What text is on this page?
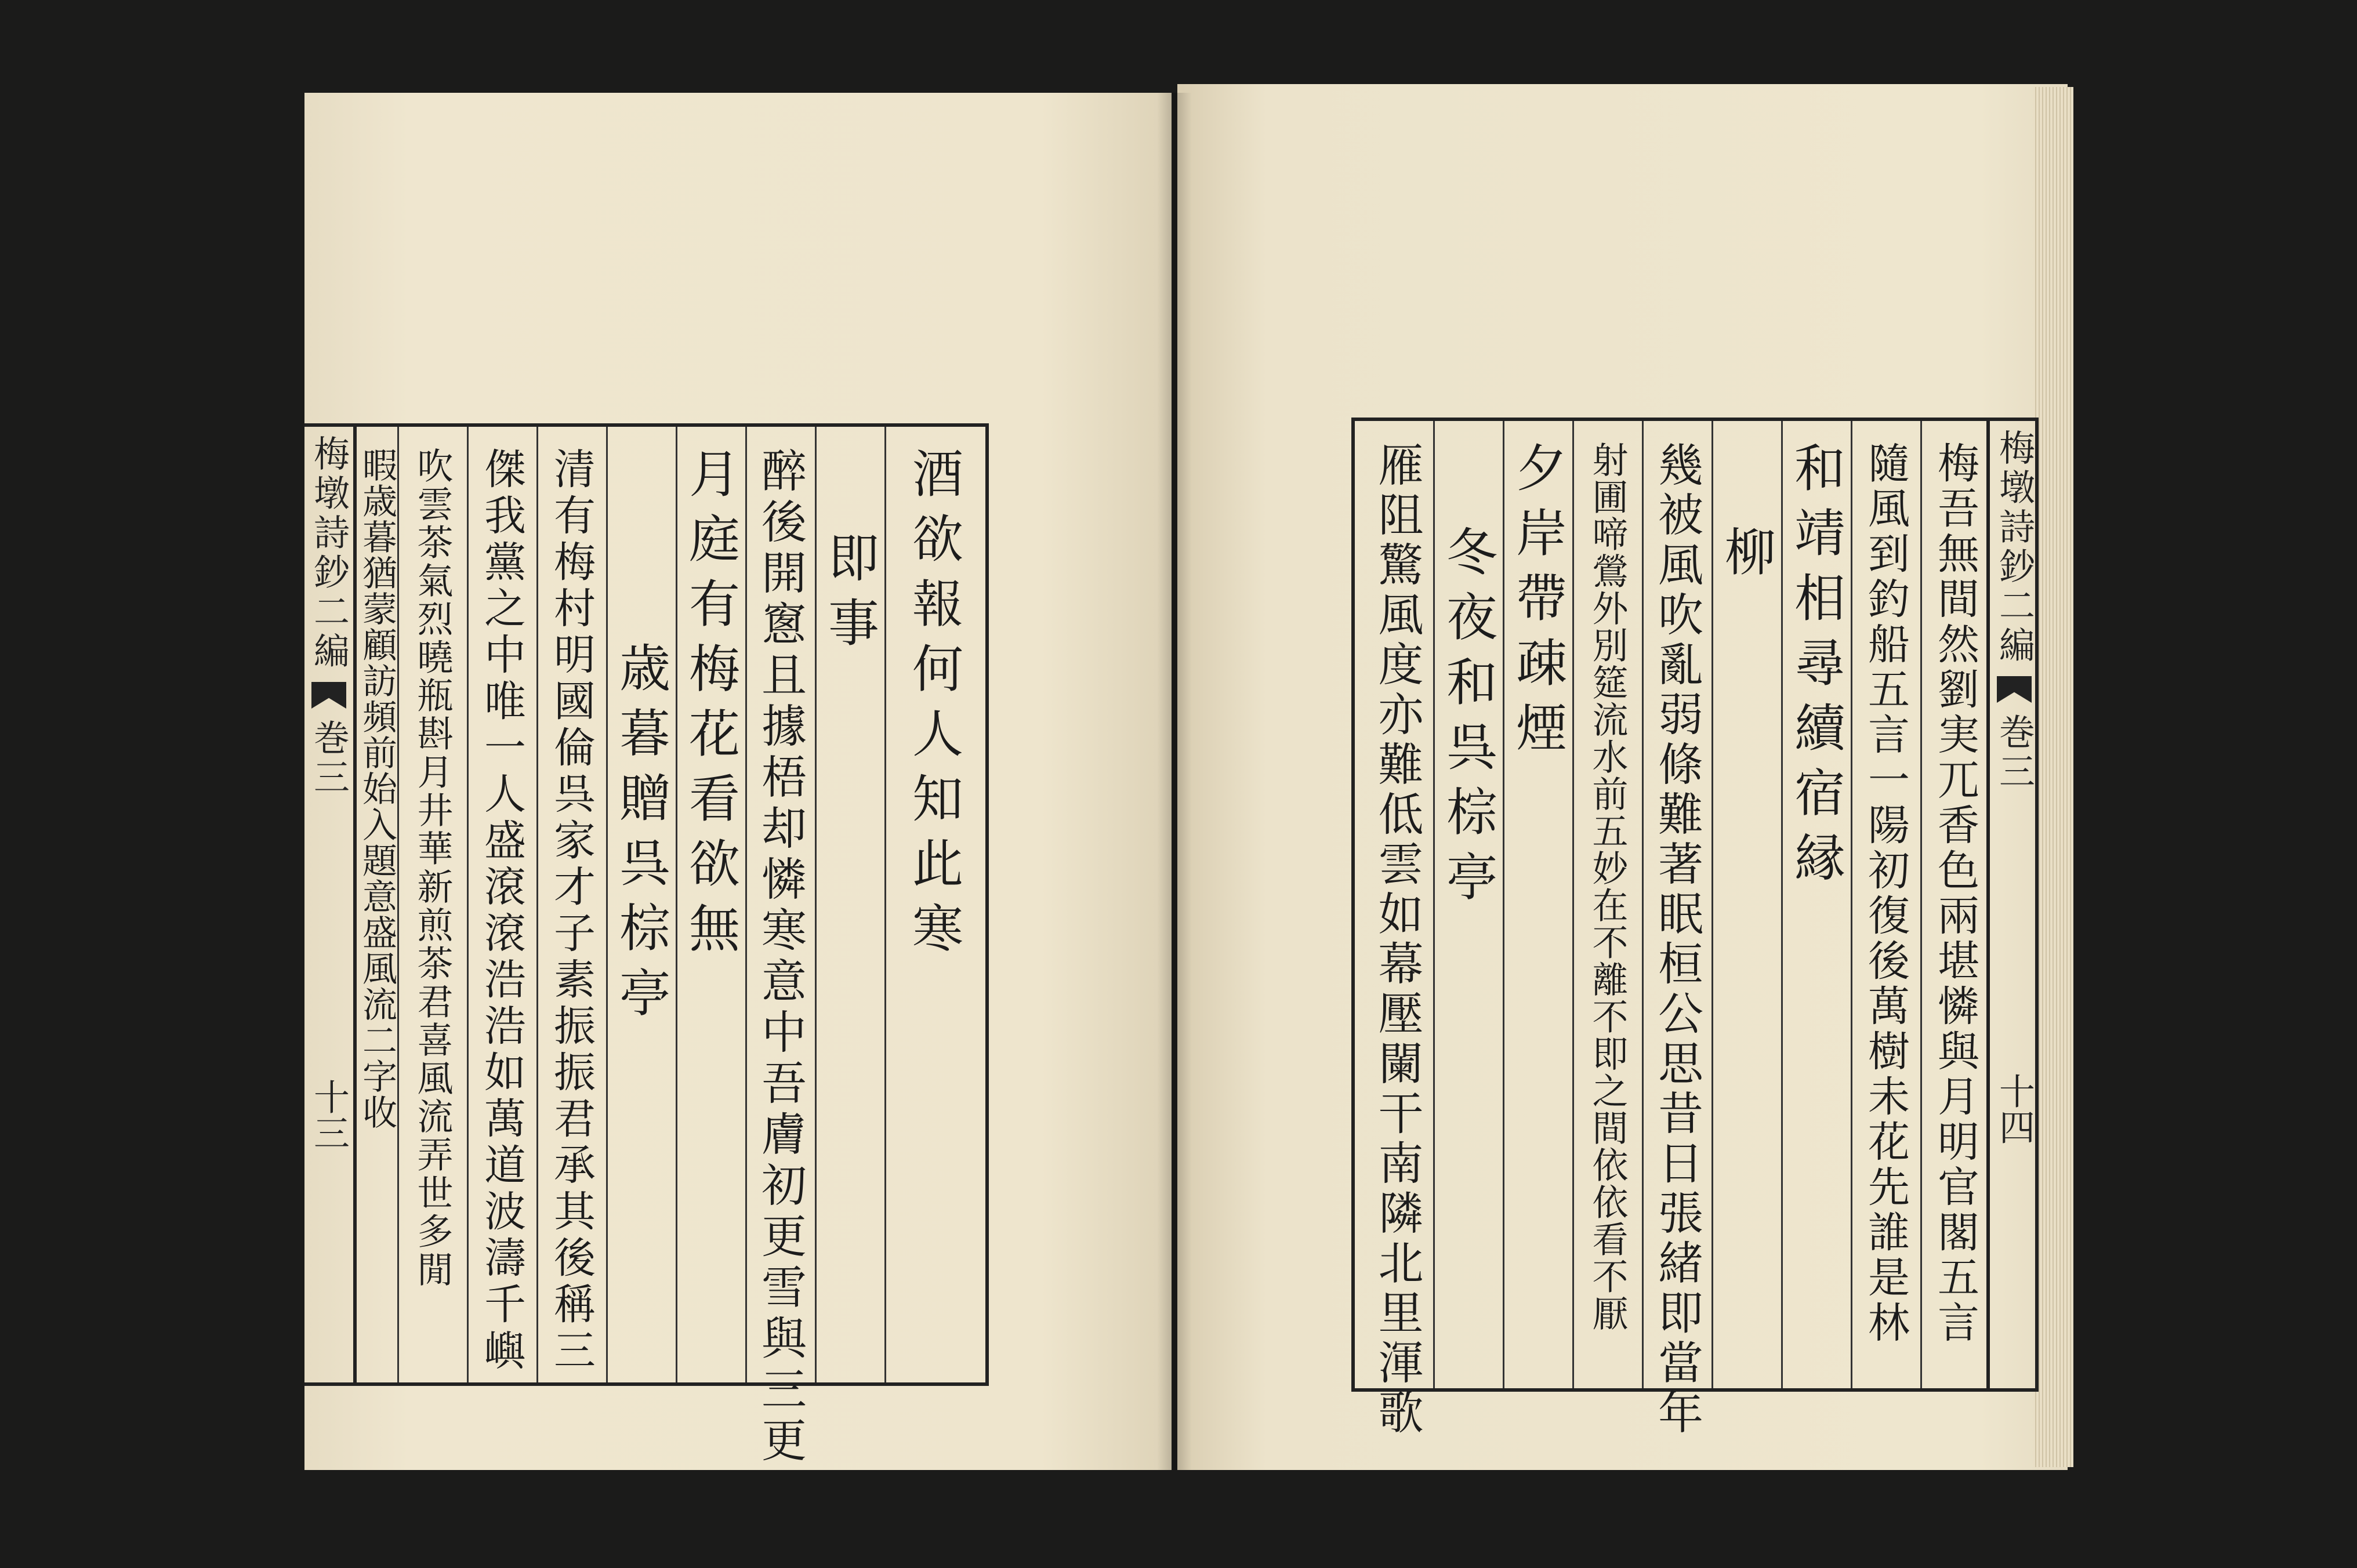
梅墩詩鈔二編
巻三
十三
酒欲報何人知此寒
即事
醉後開窻且據梧却憐寒意中吾膚初更雪與三更
月庭有梅花看欲無
歳暮贈呉棕亭
清有梅村明國倫呉家才子素振振君承其後稱三
傑我黨之中唯一人盛滾滾浩浩如萬道波濤千嶼
吹雲茶氣烈曉瓶斟月井華新煎茶君喜風流弄世多閒
暇歳暮猶蒙顧訪頻前始入題意盛風流二字收	梅墩詩鈔二編
巻三
十四
梅吾無間然劉実兀香色兩堪憐與月明官閣五言
隨風到釣船五言一陽初復後萬樹未花先誰是林
和靖相尋續宿縁
柳
幾被風吹亂弱條難著眠桓公思昔日張緒即當年
射圃啼鶯外別筵流水前五妙在不離不即之間依依看不厭
夕岸帶疎煙
冬夜和呉棕亭
雁阻驚風度亦難低雲如幕壓闌干南隣北里渾歌
